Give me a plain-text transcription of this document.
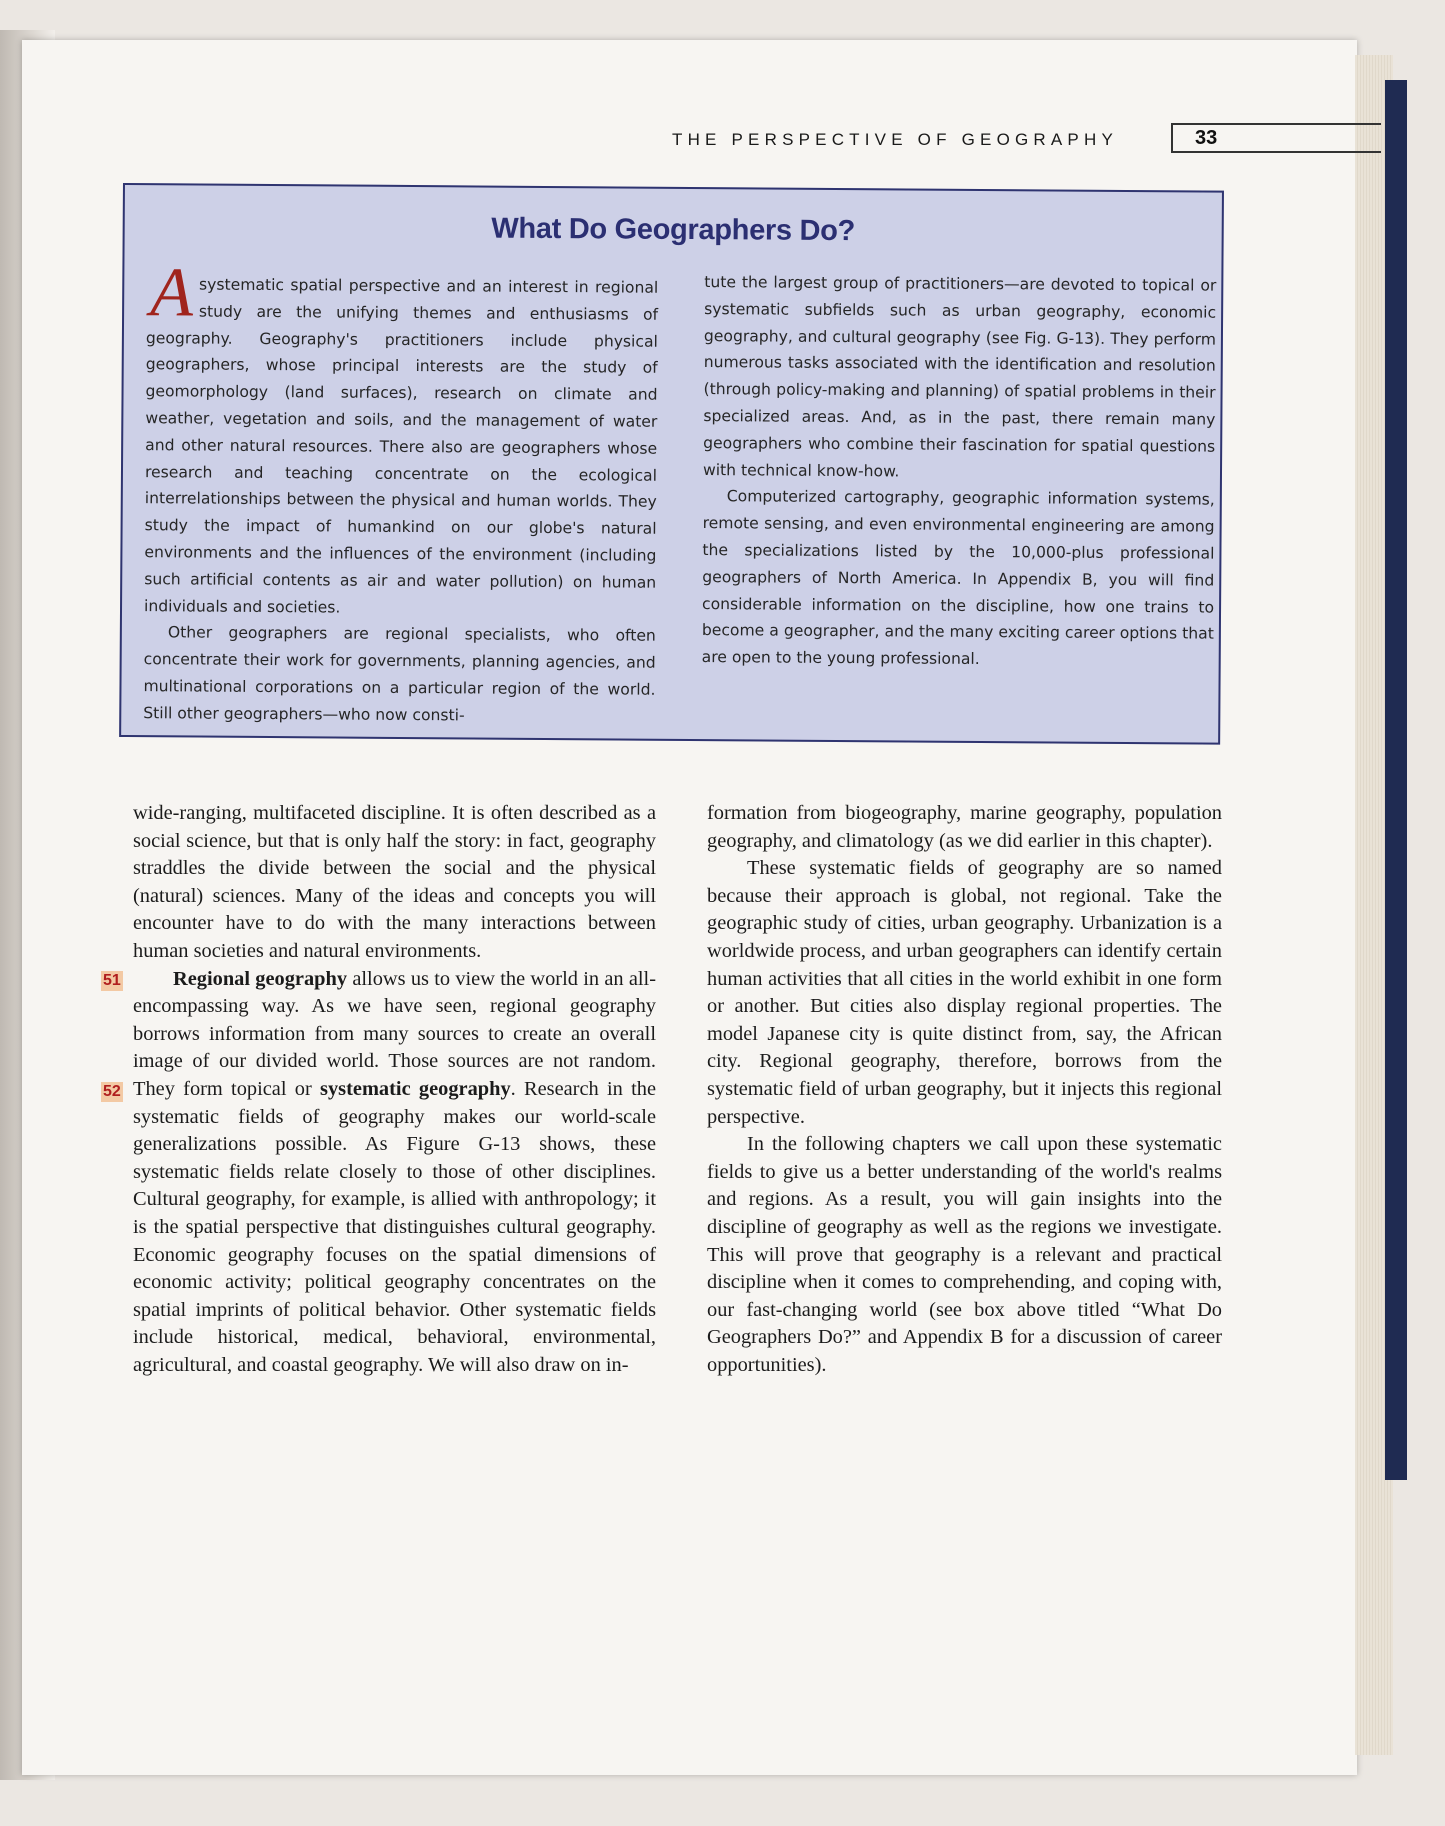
THE PERSPECTIVE OF GEOGRAPHY	33
What Do Geographers Do?

Asystematic spatial perspective and an interest in regional study are the unifying themes and enthusiasms of geography. Geography's practitioners include physical geographers, whose principal interests are the study of geomorphology (land surfaces), research on climate and weather, vegetation and soils, and the management of water and other natural resources. There also are geographers whose research and teaching concentrate on the ecological interrelationships between the physical and human worlds. They study the impact of humankind on our globe's natural environments and the influences of the environment (including such artificial contents as air and water pollution) on human individuals and societies.

Other geographers are regional specialists, who often concentrate their work for governments, planning agencies, and multinational corporations on a particular region of the world. Still other geographers—who now consti-

tute the largest group of practitioners—are devoted to topical or systematic subfields such as urban geography, economic geography, and cultural geography (see Fig. G-13). They perform numerous tasks associated with the identification and resolution (through policy-making and planning) of spatial problems in their specialized areas. And, as in the past, there remain many geographers who combine their fascination for spatial questions with technical know-how.

Computerized cartography, geographic information systems, remote sensing, and even environmental engineering are among the specializations listed by the 10,000-plus professional geographers of North America. In Appendix B, you will find considerable information on the discipline, how one trains to become a geographer, and the many exciting career options that are open to the young professional.

wide-ranging, multifaceted discipline. It is often described as a social science, but that is only half the story: in fact, geography straddles the divide between the social and the physical (natural) sciences. Many of the ideas and concepts you will encounter have to do with the many interactions between human societies and natural environments.

Regional geography allows us to view the world in an all-encompassing way. As we have seen, regional geography borrows information from many sources to create an overall image of our divided world. Those sources are not random. They form topical or systematic geography. Research in the systematic fields of geography makes our world-scale generalizations possible. As Figure G-13 shows, these systematic fields relate closely to those of other disciplines. Cultural geography, for example, is allied with anthropology; it is the spatial perspective that distinguishes cultural geography. Economic geography focuses on the spatial dimensions of economic activity; political geography concentrates on the spatial imprints of political behavior. Other systematic fields include historical, medical, behavioral, environmental, agricultural, and coastal geography. We will also draw on in-

formation from biogeography, marine geography, population geography, and climatology (as we did earlier in this chapter).

These systematic fields of geography are so named because their approach is global, not regional. Take the geographic study of cities, urban geography. Urbanization is a worldwide process, and urban geographers can identify certain human activities that all cities in the world exhibit in one form or another. But cities also display regional properties. The model Japanese city is quite distinct from, say, the African city. Regional geography, therefore, borrows from the systematic field of urban geography, but it injects this regional perspective.

In the following chapters we call upon these systematic fields to give us a better understanding of the world's realms and regions. As a result, you will gain insights into the discipline of geography as well as the regions we investigate. This will prove that geography is a relevant and practical discipline when it comes to comprehending, and coping with, our fast-changing world (see box above titled “What Do Geographers Do?” and Appendix B for a discussion of career opportunities).

51
52
